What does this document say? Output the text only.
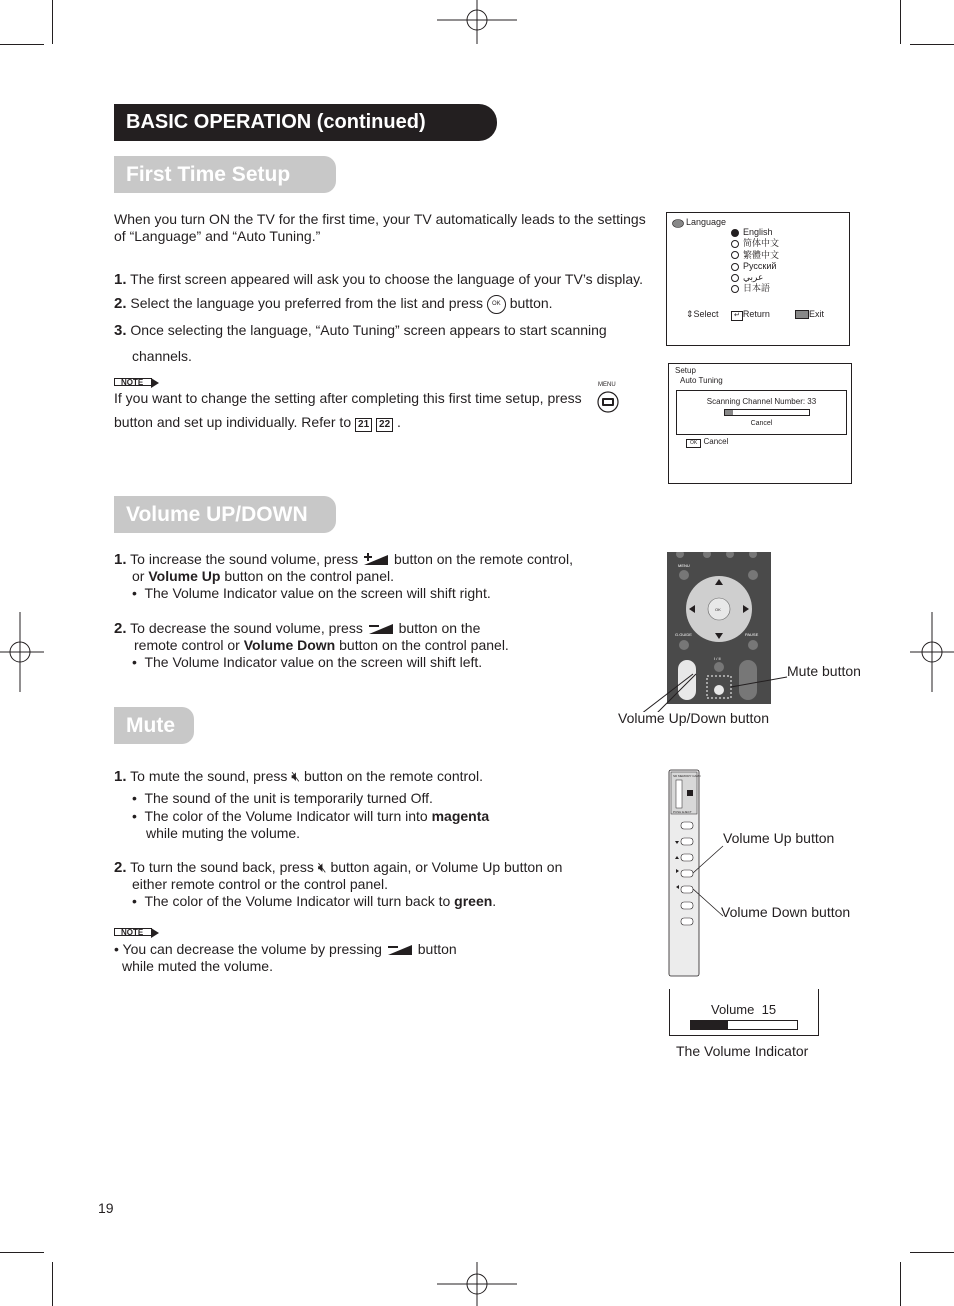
BASIC OPERATION (continued)
First Time Setup
When you turn ON the TV for the first time, your TV automatically leads to the settings of “Language” and “Auto Tuning.”
1. The first screen appeared will ask you to choose the language of your TV’s display.
2. Select the language you preferred from the list and press OK button.
3. Once selecting the language, “Auto Tuning” screen appears to start scanning
channels.
NOTE
If you want to change the setting after completing this first time setup, press
MENU
button and set up individually. Refer to 21 22 .
Language
English
简体中文
繁體中文
Русский
عربي
日本語
⇕Select	↵ Return	Exit
Setup
Auto Tuning
Scanning Channel Number: 33
Cancel
OK Cancel
Volume UP/DOWN
1. To increase the sound volume, press	button on the remote control,
or Volume Up button on the control panel.
•  The Volume Indicator value on the screen will shift right.
2. To decrease the sound volume, press	button on the
remote control or Volume Down button on the control panel.
•  The Volume Indicator value on the screen will shift left.
MENU
OK
G.GUIDE	PAUSE
I / II
Mute button
Volume Up/Down button
Mute
1. To mute the sound, press 🔇︎ button on the remote control.
•  The sound of the unit is temporarily turned Off.
•  The color of the Volume Indicator will turn into magenta
while muting the volume.
2. To turn the sound back, press 🔇︎ button again, or Volume Up button on
either remote control or the control panel.
•  The color of the Volume Indicator will turn back to green.
NOTE
• You can decrease the volume by pressing	button
while muted the volume.
SD MEMORY CARD
PUSH EJECT
Volume Up button
Volume Down button
Volume 15
The Volume Indicator
19
